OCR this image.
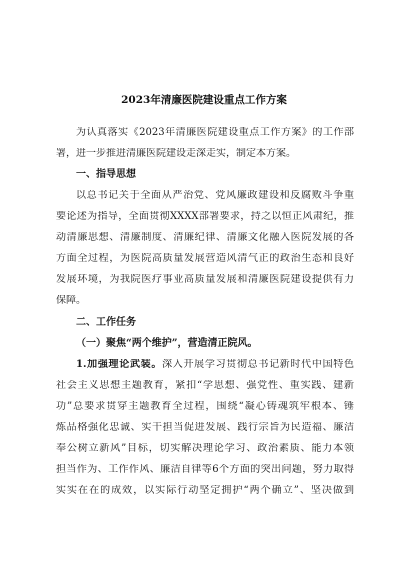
2023年清廉医院建设重点工作方案
为认真落实《2023年清廉医院建设重点工作方案》的工作部
署，进一步推进清廉医院建设走深走实，制定本方案。
一、指导思想
以总书记关于全面从严治党、党风廉政建设和反腐败斗争重
要论述为指导，全面贯彻XXXX部署要求，持之以恒正风肃纪，推
动清廉思想、清廉制度、清廉纪律、清廉文化融入医院发展的各
方面全过程，为医院高质量发展营造风清气正的政治生态和良好
发展环境，为我院医疗事业高质量发展和清廉医院建设提供有力
保障。
二、工作任务
（一）聚焦“两个维护”，营造清正院风。
1.加强理论武装。深入开展学习贯彻总书记新时代中国特色
社会主义思想主题教育，紧扣“学思想、强党性、重实践、建新
功”总要求贯穿主题教育全过程，围绕“凝心铸魂筑牢根本、锤
炼品格强化忠诚、实干担当促进发展、践行宗旨为民造福、廉洁
奉公树立新风”目标，切实解决理论学习、政治素质、能力本领
担当作为、工作作风、廉洁自律等6个方面的突出问题，努力取得
实实在在的成效，以实际行动坚定拥护“两个确立”、坚决做到
